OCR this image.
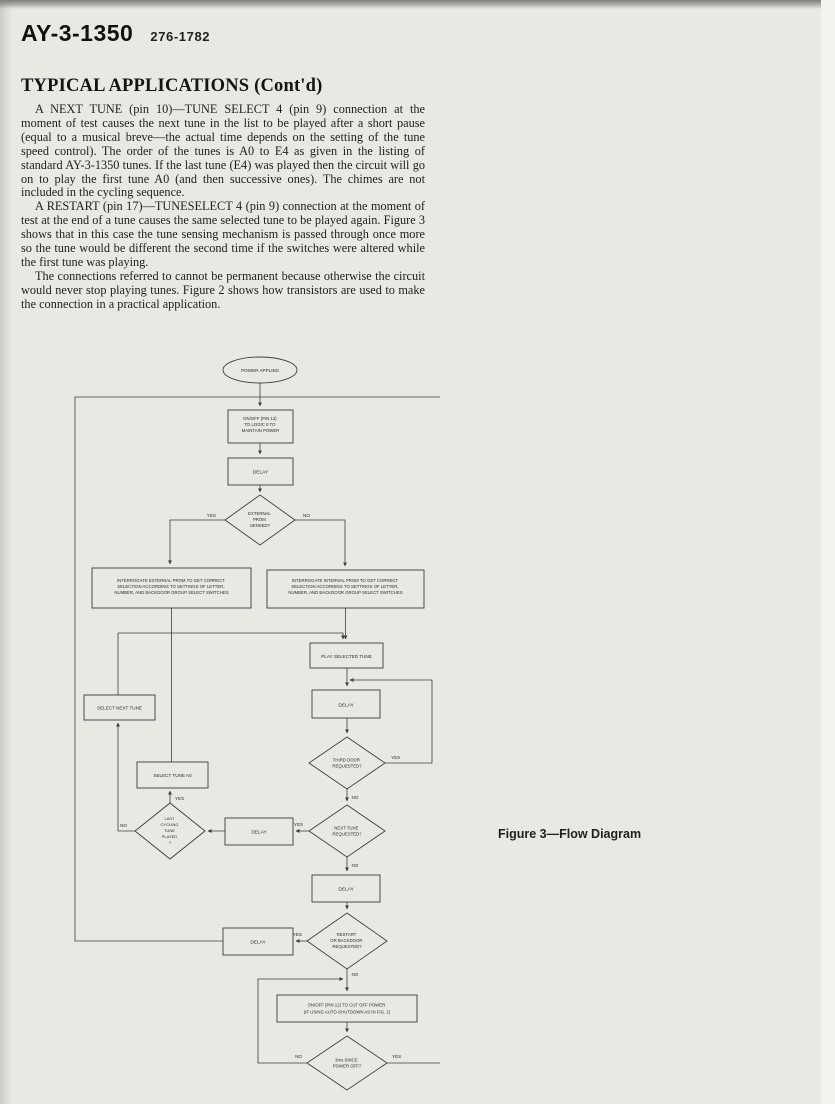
AY-3-1350 276-1782
TYPICAL APPLICATIONS (Cont'd)

A NEXT TUNE (pin 10)—TUNE SELECT 4 (pin 9) connection at the moment of test causes the next tune in the list to be played after a short pause (equal to a musical breve—the actual time depends on the setting of the tune speed control). The order of the tunes is A0 to E4 as given in the listing of standard AY-3-1350 tunes. If the last tune (E4) was played then the circuit will go on to play the first tune A0 (and then successive ones). The chimes are not included in the cycling sequence.

A RESTART (pin 17)—TUNESELECT 4 (pin 9) connection at the moment of test at the end of a tune causes the same selected tune to be played again. Figure 3 shows that in this case the tune sensing mechanism is passed through once more so the tune would be different the second time if the switches were altered while the first tune was playing.

The connections referred to cannot be permanent because otherwise the circuit would never stop playing tunes. Figure 2 shows how transistors are used to make the connection in a practical application.

POWER APPLIED
ON/OFF (PIN 12) TO LOGIC 0 TO MAINTAIN POWER
DELAY
EXTERNAL PROM SENSED?
YES	NO
INTERROGATE EXTERNAL PROM TO GET CORRECT SELECTION ACCORDING TO SETTINGS OF LETTER, NUMBER, AND BACKDOOR GROUP SELECT SWITCHES
INTERROGATE INTERNAL PROM TO GET CORRECT SELECTION ACCORDING TO SETTINGS OF LETTER, NUMBER, AND BACKDOOR GROUP SELECT SWITCHES
PLAY SELECTED TUNE
DELAY
THIRD DOOR REQUESTED?
YES
NO
NEXT TUNE REQUESTED?
YES
NO
DELAY
LAST CYCLING TUNE PLAYED ?
YES
NO
SELECT TUNE A0
SELECT NEXT TUNE
DELAY
RESTART OR BACKDOOR REQUESTED?
YES
NO
DELAY
ON/OFF (PIN 12) TO CUT OFF POWER (IF USING AUTO-SHUTDOWN AS IN FIG. 1)
3ms SINCE POWER OFF?
NO	YES
Figure 3—Flow Diagram
